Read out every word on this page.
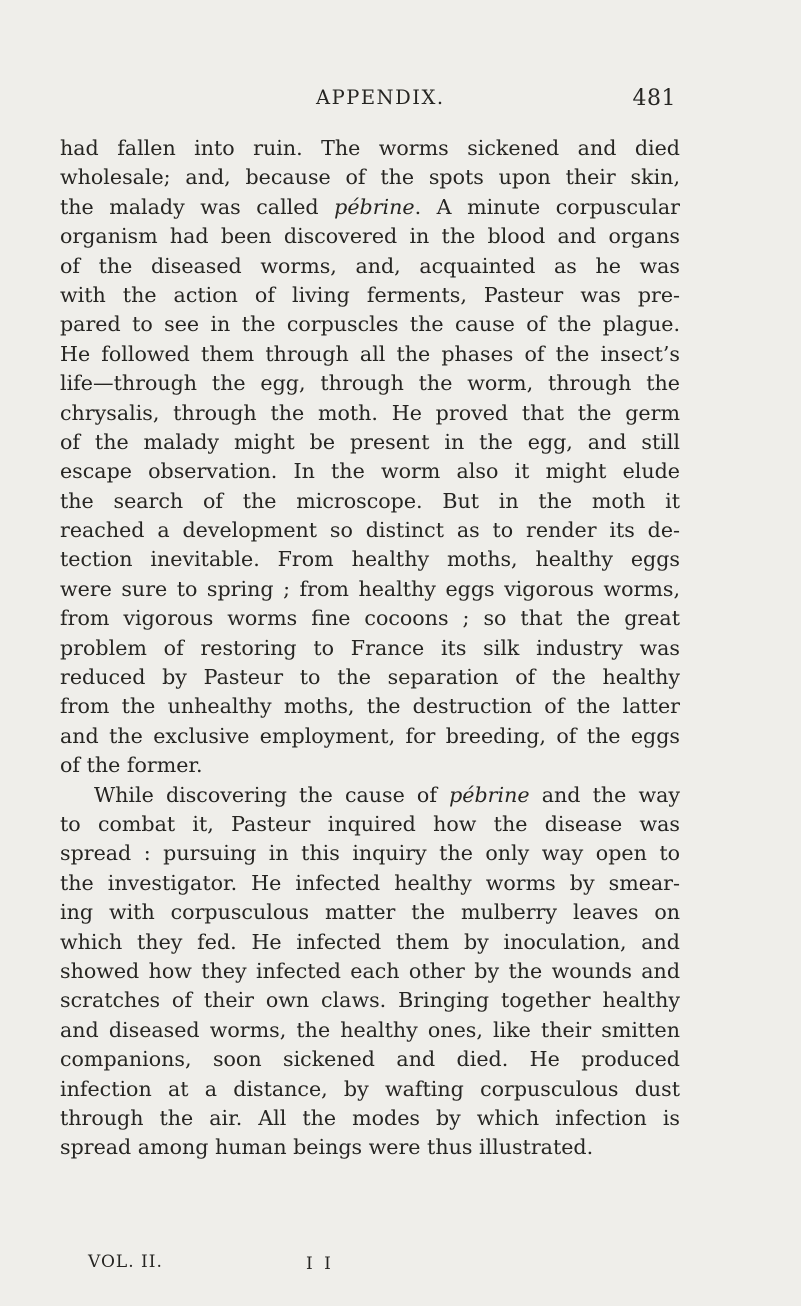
APPENDIX.	481
had fallen into ruin. The worms sickened and died
wholesale; and, because of the spots upon their skin,
the malady was called pébrine. A minute corpuscular
organism had been discovered in the blood and organs
of the diseased worms, and, acquainted as he was
with the action of living ferments, Pasteur was pre-
pared to see in the corpuscles the cause of the plague.
He followed them through all the phases of the insect’s
life—through the egg, through the worm, through the
chrysalis, through the moth. He proved that the germ
of the malady might be present in the egg, and still
escape observation. In the worm also it might elude
the search of the microscope. But in the moth it
reached a development so distinct as to render its de-
tection inevitable. From healthy moths, healthy eggs
were sure to spring ; from healthy eggs vigorous worms,
from vigorous worms fine cocoons ; so that the great
problem of restoring to France its silk industry was
reduced by Pasteur to the separation of the healthy
from the unhealthy moths, the destruction of the latter
and the exclusive employment, for breeding, of the eggs
of the former.
While discovering the cause of pébrine and the way
to combat it, Pasteur inquired how the disease was
spread : pursuing in this inquiry the only way open to
the investigator. He infected healthy worms by smear-
ing with corpusculous matter the mulberry leaves on
which they fed. He infected them by inoculation, and
showed how they infected each other by the wounds and
scratches of their own claws. Bringing together healthy
and diseased worms, the healthy ones, like their smitten
companions, soon sickened and died. He produced
infection at a distance, by wafting corpusculous dust
through the air. All the modes by which infection is
spread among human beings were thus illustrated.
VOL. II.	I I
